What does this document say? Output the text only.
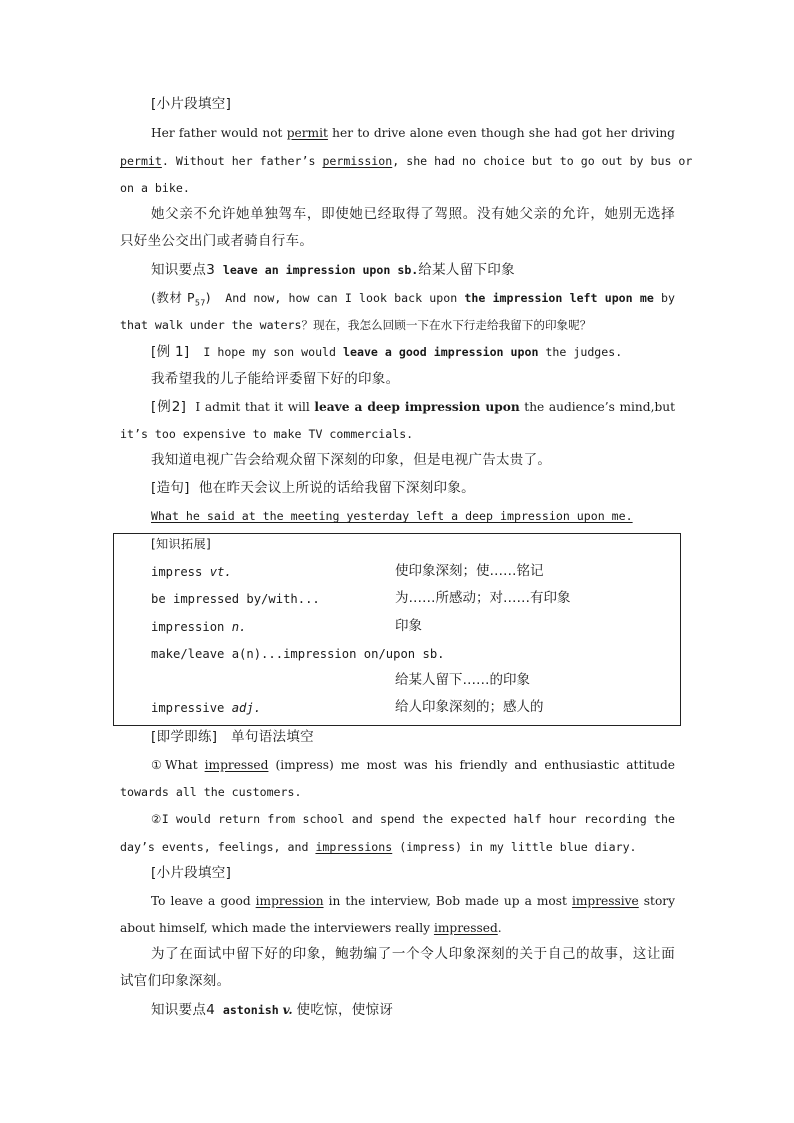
[小片段填空]
Her father would not permit her to drive alone even though she had got her driving
permit. Without her father’s permission, she had no choice but to go out by bus or
on a bike.
她父亲不允许她单独驾车，即使她已经取得了驾照。没有她父亲的允许，她别无选择
只好坐公交出门或者骑自行车。
知识要点3 leave an impression upon sb.给某人留下印象
(教材 $P_{57}$) And now, how can I look back upon the impression left upon me by
that walk under the waters？现在，我怎么回顾一下在水下行走给我留下的印象呢？
[例 1] I hope my son would leave a good impression upon the judges.
我希望我的儿子能给评委留下好的印象。
[例2] I admit that it will leave a deep impression upon the audience’s mind,but
it’s too expensive to make TV commercials.
我知道电视广告会给观众留下深刻的印象，但是电视广告太贵了。
[造句] 他在昨天会议上所说的话给我留下深刻印象。
What he said at the meeting yesterday left a deep impression upon me.
[知识拓展]
impress vt.	使印象深刻；使……铭记
be impressed by/with...	为……所感动；对……有印象
impression n.	印象
make/leave a(n)...impression on/upon sb.
给某人留下……的印象
impressive adj.	给人印象深刻的；感人的
[即学即练]　单句语法填空
①What impressed (impress) me most was his friendly and enthusiastic attitude
towards all the customers.
②I would return from school and spend the expected half hour recording the
day’s events, feelings, and impressions (impress) in my little blue diary.
[小片段填空]
To leave a good impression in the interview, Bob made up a most impressive story
about himself, which made the interviewers really impressed.
为了在面试中留下好的印象，鲍勃编了一个令人印象深刻的关于自己的故事，这让面
试官们印象深刻。
知识要点4 astonish v. 使吃惊，使惊讶
